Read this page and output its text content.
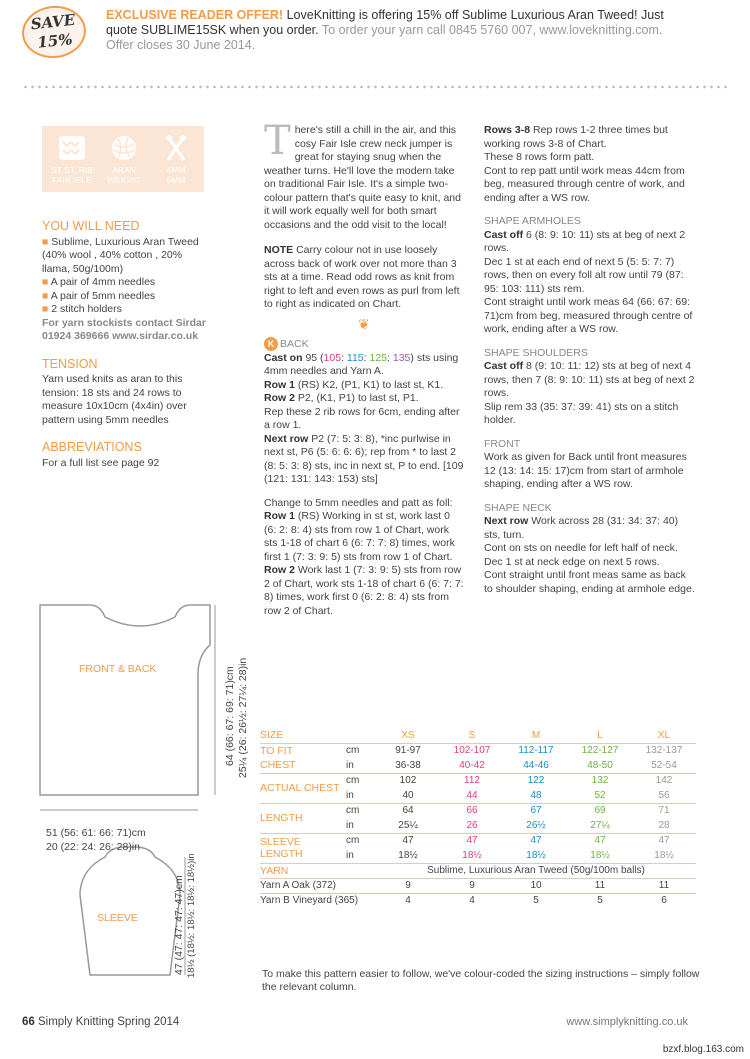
SAVE
15%
EXCLUSIVE READER OFFER! LoveKnitting is offering 15% off Sublime Luxurious Aran Tweed! Just quote SUBLIME15SK when you order. To order your yarn call 0845 5760 007, www.loveknitting.com. Offer closes 30 June 2014.
ST ST, RIB
FAIR ISLE
ARAN
WEIGHT
4MM
5MM
YOU WILL NEED
■ Sublime, Luxurious Aran Tweed (40% wool , 40% cotton , 20% llama, 50g/100m)
■ A pair of 4mm needles
■ A pair of 5mm needles
■ 2 stitch holders
For yarn stockists contact Sirdar 01924 369666 www.sirdar.co.uk
TENSION
Yarn used knits as aran to this tension: 18 sts and 24 rows to measure 10x10cm (4x4in) over pattern using 5mm needles
ABBREVIATIONS
For a full list see page 92
There's still a chill in the air, and this cosy Fair Isle crew neck jumper is great for staying snug when the weather turns. He'll love the modern take on traditional Fair Isle. It's a simple two-colour pattern that's quite easy to knit, and it will work equally well for both smart occasions and the odd visit to the local!
NOTE Carry colour not in use loosely across back of work over not more than 3 sts at a time. Read odd rows as knit from right to left and even rows as purl from left to right as indicated on Chart.
❦
K BACK
Cast on 95 (105: 115: 125: 135) sts using 4mm needles and Yarn A.
Row 1 (RS) K2, (P1, K1) to last st, K1.
Row 2 P2, (K1, P1) to last st, P1.
Rep these 2 rib rows for 6cm, ending after a row 1.
Next row P2 (7: 5: 3: 8), *inc purlwise in next st, P6 (5: 6: 6: 6); rep from * to last 2 (8: 5: 3: 8) sts, inc in next st, P to end. [109 (121: 131: 143: 153) sts]
Change to 5mm needles and patt as foll:
Row 1 (RS) Working in st st, work last 0 (6: 2: 8: 4) sts from row 1 of Chart, work sts 1-18 of chart 6 (6: 7: 7: 8) times, work first 1 (7: 3: 9: 5) sts from row 1 of Chart.
Row 2 Work last 1 (7: 3: 9: 5) sts from row 2 of Chart, work sts 1-18 of chart 6 (6: 7: 7: 8) times, work first 0 (6: 2: 8: 4) sts from row 2 of Chart.
Rows 3-8 Rep rows 1-2 three times but working rows 3-8 of Chart.
These 8 rows form patt.
Cont to rep patt until work meas 44cm from beg, measured through centre of work, and ending after a WS row.
SHAPE ARMHOLES
Cast off 6 (8: 9: 10: 11) sts at beg of next 2 rows.
Dec 1 st at each end of next 5 (5: 5: 7: 7) rows, then on every foll alt row until 79 (87: 95: 103: 111) sts rem.
Cont straight until work meas 64 (66: 67: 69: 71)cm from beg, measured through centre of work, ending after a WS row.
SHAPE SHOULDERS
Cast off 8 (9: 10: 11: 12) sts at beg of next 4 rows, then 7 (8: 9: 10: 11) sts at beg of next 2 rows.
Slip rem 33 (35: 37: 39: 41) sts on a stitch holder.
FRONT
Work as given for Back until front measures 12 (13: 14: 15: 17)cm from start of armhole shaping, ending after a WS row.
SHAPE NECK
Next row Work across 28 (31: 34: 37: 40) sts, turn.
Cont on sts on needle for left half of neck.
Dec 1 st at neck edge on next 5 rows.
Cont straight until front meas same as back to shoulder shaping, ending at armhole edge.
FRONT & BACK
SLEEVE
51 (56: 61: 66: 71)cm
20 (22: 24: 26: 28)in
64 (66: 67: 69: 71)cm 25¼ (26: 26½: 27¼: 28)in
47 (47: 47: 47: 47)cm 18½ (18½: 18½: 18½: 18½)in
SIZE		XS	S	M	L	XL
TO FIT	cm	91-97	102-107	112-117	122-127	132-137
CHEST	in	36-38	40-42	44-46	48-50	52-54
ACTUAL CHEST	cm	102	112	122	132	142
	in	40	44	48	52	56
LENGTH	cm	64	66	67	69	71
	in	25¼	26	26½	27¼	28
SLEEVE LENGTH	cm	47	47	47	47	47
	in	18½	18½	18½	18½	18½
YARN		Sublime, Luxurious Aran Tweed (50g/100m balls)				
Yarn A Oak (372)		9	9	10	11	11
Yarn B Vineyard (365)		4	4	5	5	6
To make this pattern easier to follow, we've colour-coded the sizing instructions – simply follow the relevant column.
66 Simply Knitting Spring 2014	www.simplyknitting.co.uk
bzxf.blog.163.com
